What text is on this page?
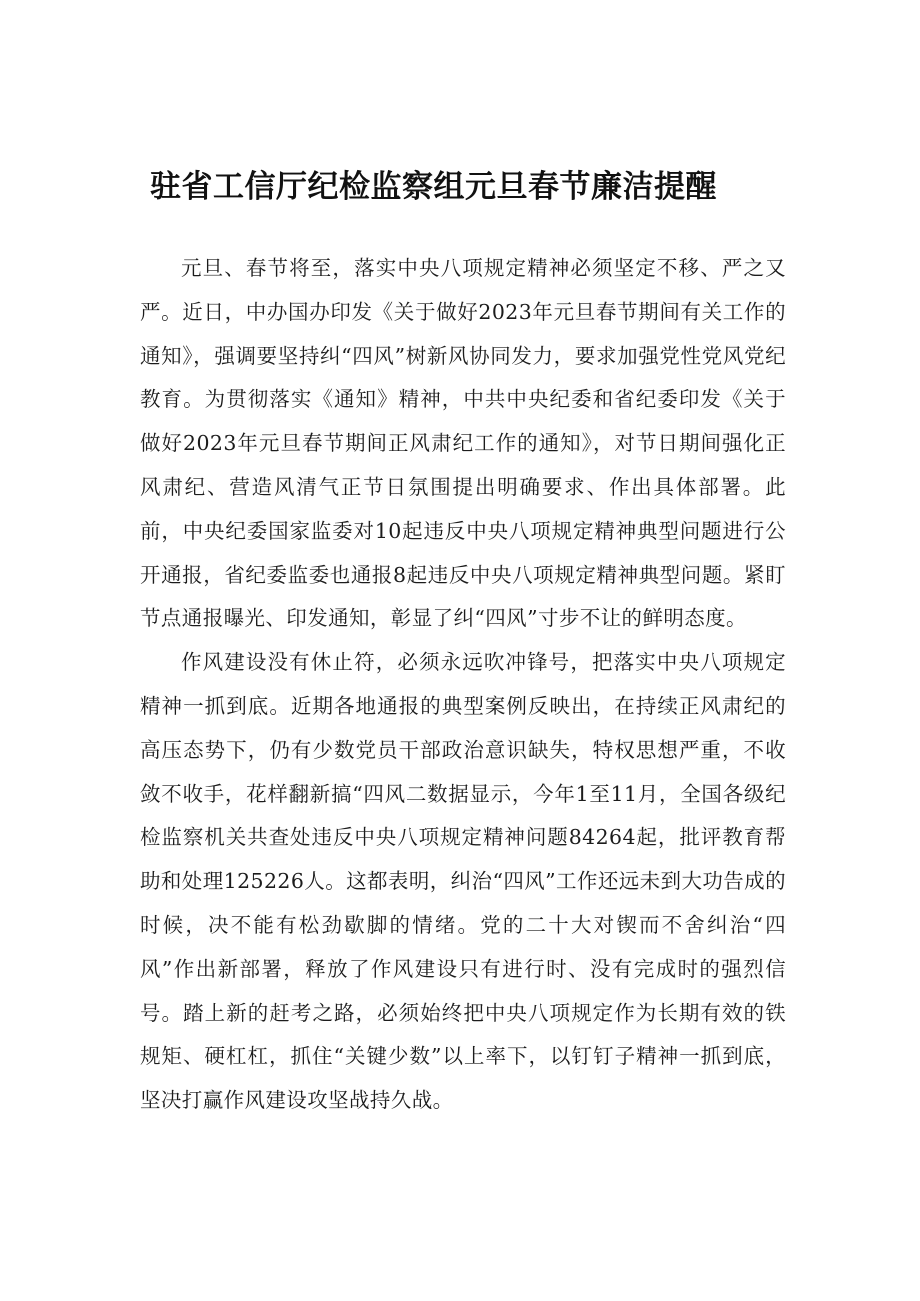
驻省工信厅纪检监察组元旦春节廉洁提醒

元旦、春节将至，落实中央八项规定精神必须坚定不移、严之又严。近日，中办国办印发《关于做好2023年元旦春节期间有关工作的通知》，强调要坚持纠“四风”树新风协同发力，要求加强党性党风党纪教育。为贯彻落实《通知》精神，中共中央纪委和省纪委印发《关于做好2023年元旦春节期间正风肃纪工作的通知》，对节日期间强化正风肃纪、营造风清气正节日氛围提出明确要求、作出具体部署。此前，中央纪委国家监委对10起违反中央八项规定精神典型问题进行公开通报，省纪委监委也通报8起违反中央八项规定精神典型问题。紧盯节点通报曝光、印发通知，彰显了纠“四风”寸步不让的鲜明态度。

作风建设没有休止符，必须永远吹冲锋号，把落实中央八项规定精神一抓到底。近期各地通报的典型案例反映出，在持续正风肃纪的高压态势下，仍有少数党员干部政治意识缺失，特权思想严重，不收敛不收手，花样翻新搞“四风二数据显示，今年1至11月，全国各级纪检监察机关共查处违反中央八项规定精神问题84264起，批评教育帮助和处理125226人。这都表明，纠治“四风”工作还远未到大功告成的时候，决不能有松劲歇脚的情绪。党的二十大对锲而不舍纠治“四风”作出新部署，释放了作风建设只有进行时、没有完成时的强烈信号。踏上新的赶考之路，必须始终把中央八项规定作为长期有效的铁规矩、硬杠杠，抓住“关键少数”以上率下，以钉钉子精神一抓到底，坚决打赢作风建设攻坚战持久战。
